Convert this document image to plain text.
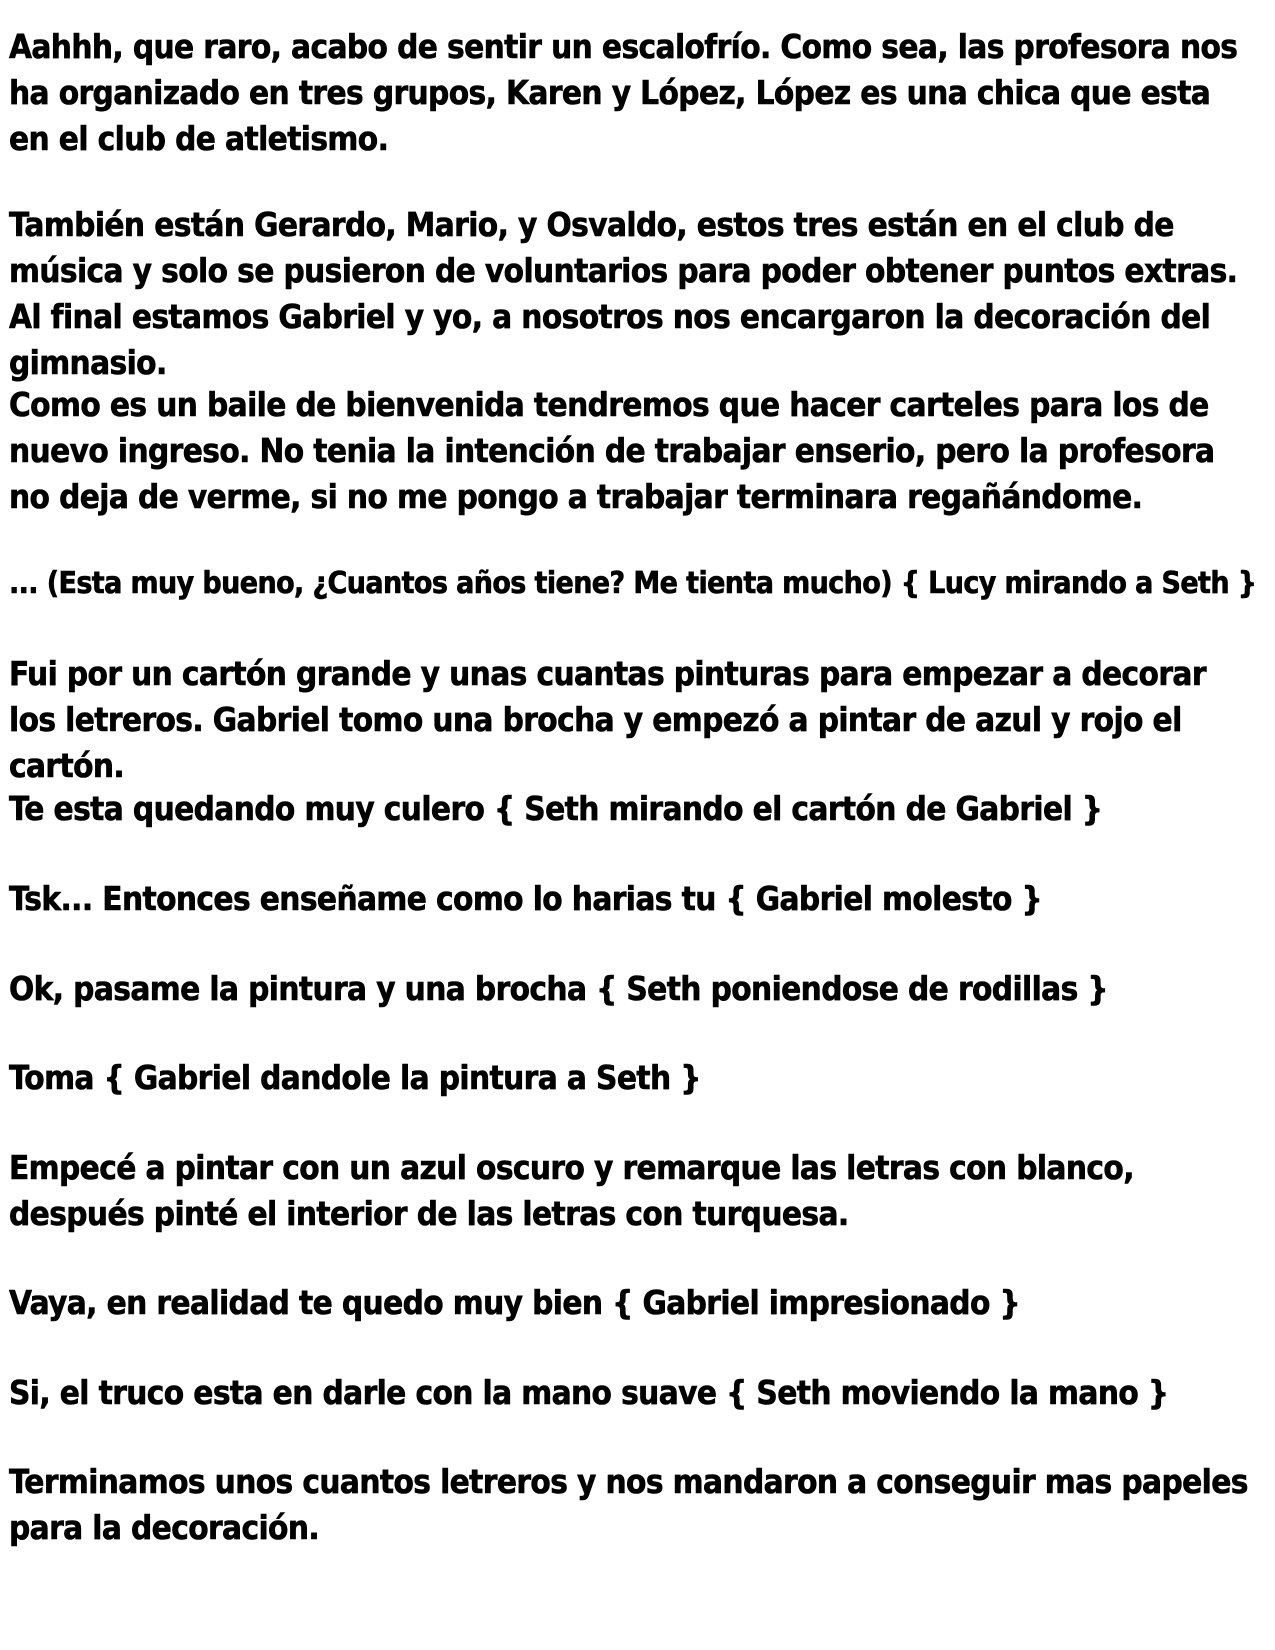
Aahhh, que raro, acabo de sentir un escalofrío. Como sea, las profesora nos ha organizado en tres grupos, Karen y López, López es una chica que esta en el club de atletismo.

También están Gerardo, Mario, y Osvaldo, estos tres están en el club de música y solo se pusieron de voluntarios para poder obtener puntos extras. Al final estamos Gabriel y yo, a nosotros nos encargaron la decoración del gimnasio.

Como es un baile de bienvenida tendremos que hacer carteles para los de nuevo ingreso. No tenia la intención de trabajar enserio, pero la profesora no deja de verme, si no me pongo a trabajar terminara regañándome.

... (Esta muy bueno, ¿Cuantos años tiene? Me tienta mucho) { Lucy mirando a Seth }

Fui por un cartón grande y unas cuantas pinturas para empezar a decorar los letreros. Gabriel tomo una brocha y empezó a pintar de azul y rojo el cartón.

Te esta quedando muy culero { Seth mirando el cartón de Gabriel }

Tsk... Entonces enseñame como lo harias tu { Gabriel molesto }

Ok, pasame la pintura y una brocha { Seth poniendose de rodillas }

Toma { Gabriel dandole la pintura a Seth }

Empecé a pintar con un azul oscuro y remarque las letras con blanco, después pinté el interior de las letras con turquesa.

Vaya, en realidad te quedo muy bien { Gabriel impresionado }

Si, el truco esta en darle con la mano suave { Seth moviendo la mano }

Terminamos unos cuantos letreros y nos mandaron a conseguir mas papeles para la decoración.
